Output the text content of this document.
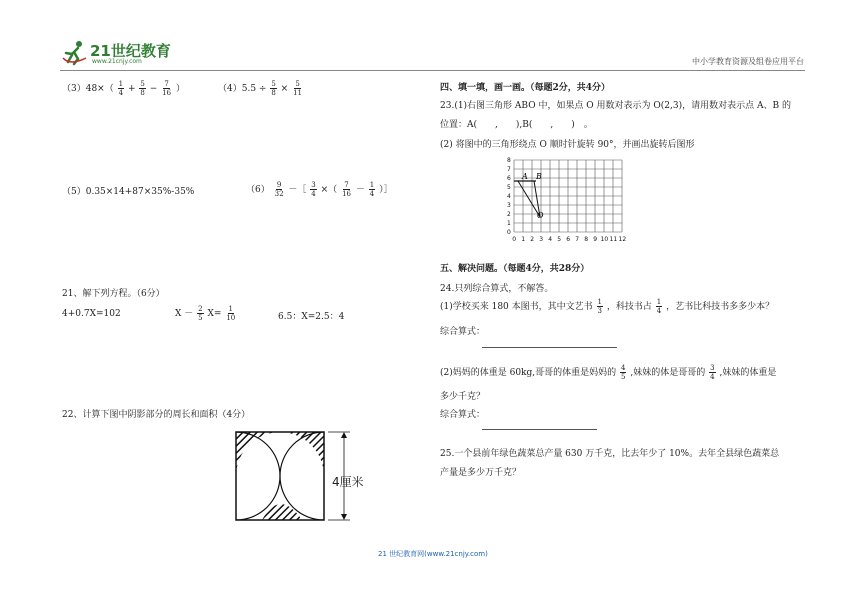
21世纪教育
www.21cnjy.com	中小学教育资源及组卷应用平台
$(3)48\times( \frac{1}{4} + \frac{5}{8} - \frac{7}{16}$ ）	$(4)5.5 \div \frac{5}{8} \times \frac{5}{11}$
（5）0.35×14+87×35%-35%	$(6) \frac{9}{32}$ －［ $\frac{3}{4}$ ×（ $\frac{7}{16} - \frac{1}{4}$ ）］
21、解下列方程。（6分）
4+0.7X=102	$X - \frac{2}{5} X= \frac{1}{10}$	6.5：X=2.5：4
22、计算下图中阴影部分的周长和面积（4分）
4厘米
四、填一填，画一画。（每题2分，共4分）
23.(1)右图三角形 ABO 中，如果点 O 用数对表示为 O(2,3)，请用数对表示点 A、B 的
位置：A(　　,　　),B(　　,　　)　。
(2) 将图中的三角形绕点 O 顺时针旋转 90°，并画出旋转后图形
8
7
6
5
4
3
2
1
0
0 1 2 3 4 5 6 7 8 9 10 11 12
A B
O
五、解决问题。（每题4分，共28分）
24.只列综合算式，不解答。
(1)学校买来 180 本图书，其中文艺书 $\frac{1}{3}$ ，科技书占 $\frac{1}{4}$ ，艺书比科技书多多少本？
综合算式：
(2)妈妈的体重是 60kg,哥哥的体重是妈妈的 $\frac{4}{5}$ ,妹妹的体是哥哥的 $\frac{3}{4}$ ,妹妹的体重是
多少千克？
综合算式：
25.一个县前年绿色蔬菜总产量 630 万千克，比去年少了 10%。去年全县绿色蔬菜总
产量是多少万千克？
21 世纪教育网(www.21cnjy.com)
